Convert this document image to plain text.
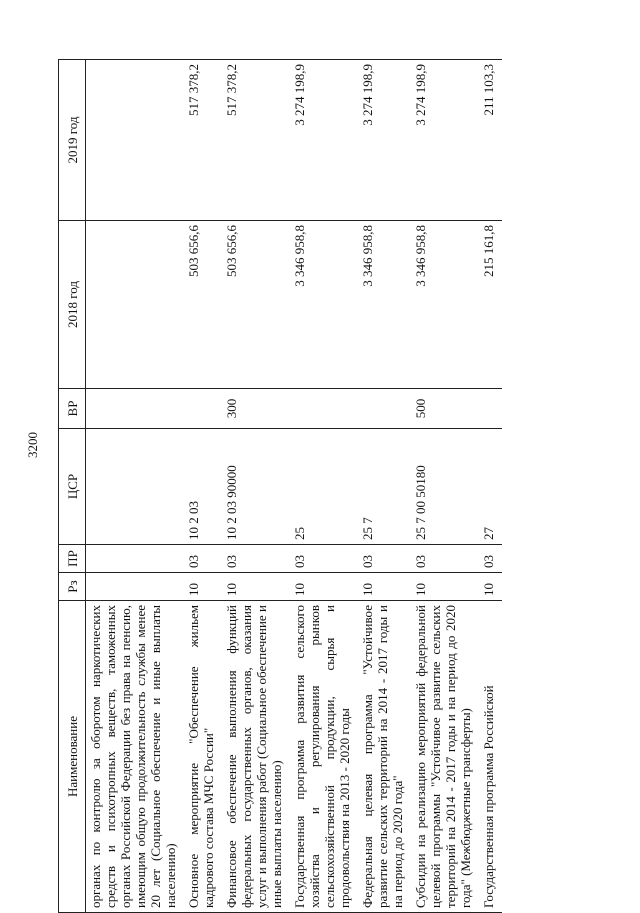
3200
Наименование	Рз	ПР	ЦСР	ВР	2018 год	2019 год
органах по контролю за оборотом наркотических средств и психотропных веществ, таможенных органах Российской Федерации без права на пенсию, имеющим общую продолжительность службы менее 20 лет (Социальное обеспечение и иные выплаты населению)						
Основное мероприятие "Обеспечение жильем кадрового состава МЧС России"	10	03	10 2 03		503 656,6	517 378,2
Финансовое обеспечение выполнения функций федеральных государственных органов, оказания услуг и выполнения работ (Социальное обеспечение и иные выплаты населению)	10	03	10 2 03 90000	300	503 656,6	517 378,2
Государственная программа развития сельского хозяйства и регулирования рынков сельскохозяйственной продукции, сырья и продовольствия на 2013 - 2020 годы	10	03	25		3 346 958,8	3 274 198,9
Федеральная целевая программа "Устойчивое развитие сельских территорий на 2014 - 2017 годы и на период до 2020 года"	10	03	25 7		3 346 958,8	3 274 198,9
Субсидии на реализацию мероприятий федеральной целевой программы "Устойчивое развитие сельских территорий на 2014 - 2017 годы и на период до 2020 года" (Межбюджетные трансферты)	10	03	25 7 00 50180	500	3 346 958,8	3 274 198,9
Государственная программа Российской	10	03	27		215 161,8	211 103,3
